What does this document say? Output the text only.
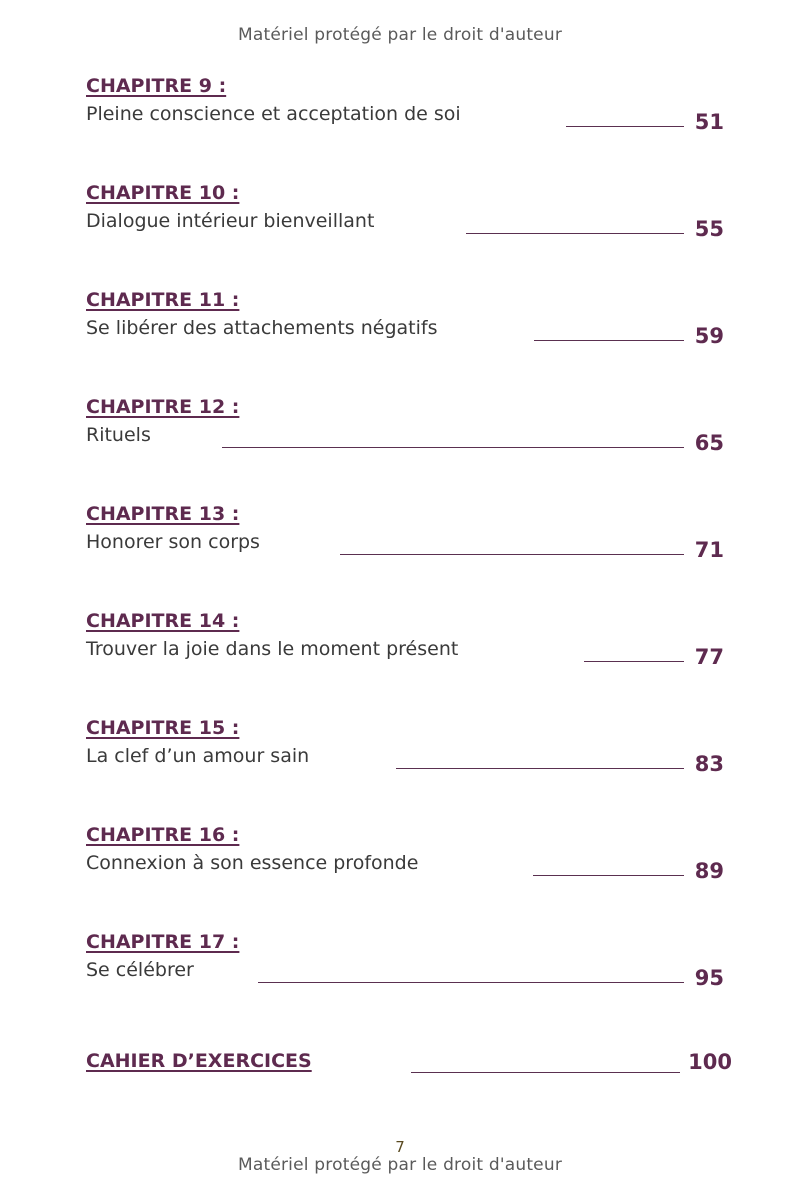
Matériel protégé par le droit d'auteur
CHAPITRE 9 :
Pleine conscience et acceptation de soi	51
CHAPITRE 10 :
Dialogue intérieur bienveillant	55
CHAPITRE 11 :
Se libérer des attachements négatifs	59
CHAPITRE 12 :
Rituels	65
CHAPITRE 13 :
Honorer son corps	71
CHAPITRE 14 :
Trouver la joie dans le moment présent	77
CHAPITRE 15 :
La clef d’un amour sain	83
CHAPITRE 16 :
Connexion à son essence profonde	89
CHAPITRE 17 :
Se célébrer	95
CAHIER D’EXERCICES	100
7
Matériel protégé par le droit d'auteur
